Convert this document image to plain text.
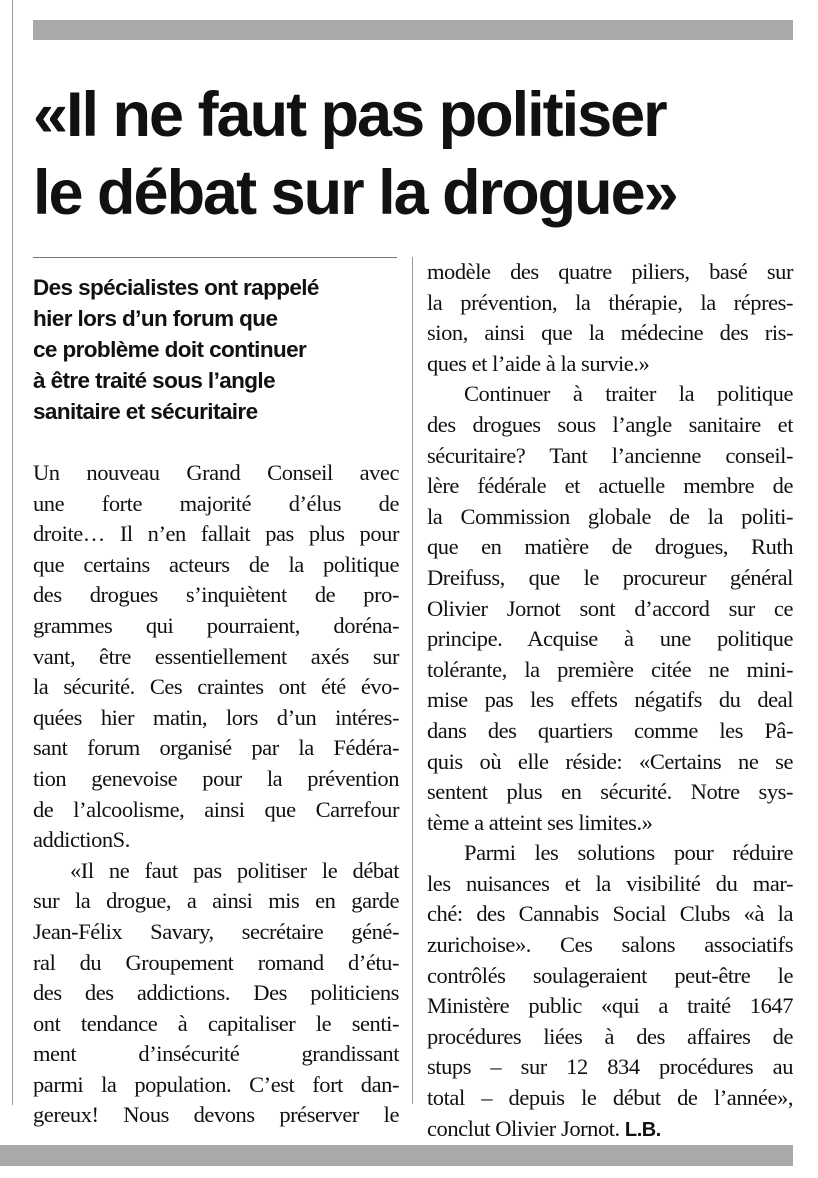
«Il ne faut pas politiser
le débat sur la drogue»

Des spécialistes ont rappelé
hier lors d’un forum que
ce problème doit continuer
à être traité sous l’angle
sanitaire et sécuritaire

Un nouveau Grand Conseil avec
une forte majorité d’élus de
droite… Il n’en fallait pas plus pour
que certains acteurs de la politique
des drogues s’inquiètent de pro-
grammes qui pourraient, doréna-
vant, être essentiellement axés sur
la sécurité. Ces craintes ont été évo-
quées hier matin, lors d’un intéres-
sant forum organisé par la Fédéra-
tion genevoise pour la prévention
de l’alcoolisme, ainsi que Carrefour
addictionS.
«Il ne faut pas politiser le débat
sur la drogue, a ainsi mis en garde
Jean-Félix Savary, secrétaire géné-
ral du Groupement romand d’étu-
des des addictions. Des politiciens
ont tendance à capitaliser le senti-
ment d’insécurité grandissant
parmi la population. C’est fort dan-
gereux! Nous devons préserver le
modèle des quatre piliers, basé sur
la prévention, la thérapie, la répres-
sion, ainsi que la médecine des ris-
ques et l’aide à la survie.»
Continuer à traiter la politique
des drogues sous l’angle sanitaire et
sécuritaire? Tant l’ancienne conseil-
lère fédérale et actuelle membre de
la Commission globale de la politi-
que en matière de drogues, Ruth
Dreifuss, que le procureur général
Olivier Jornot sont d’accord sur ce
principe. Acquise à une politique
tolérante, la première citée ne mini-
mise pas les effets négatifs du deal
dans des quartiers comme les Pâ-
quis où elle réside: «Certains ne se
sentent plus en sécurité. Notre sys-
tème a atteint ses limites.»
Parmi les solutions pour réduire
les nuisances et la visibilité du mar-
ché: des Cannabis Social Clubs «à la
zurichoise». Ces salons associatifs
contrôlés soulageraient peut-être le
Ministère public «qui a traité 1647
procédures liées à des affaires de
stups – sur 12 834 procédures au
total – depuis le début de l’année»,
conclut Olivier Jornot. L.B.
